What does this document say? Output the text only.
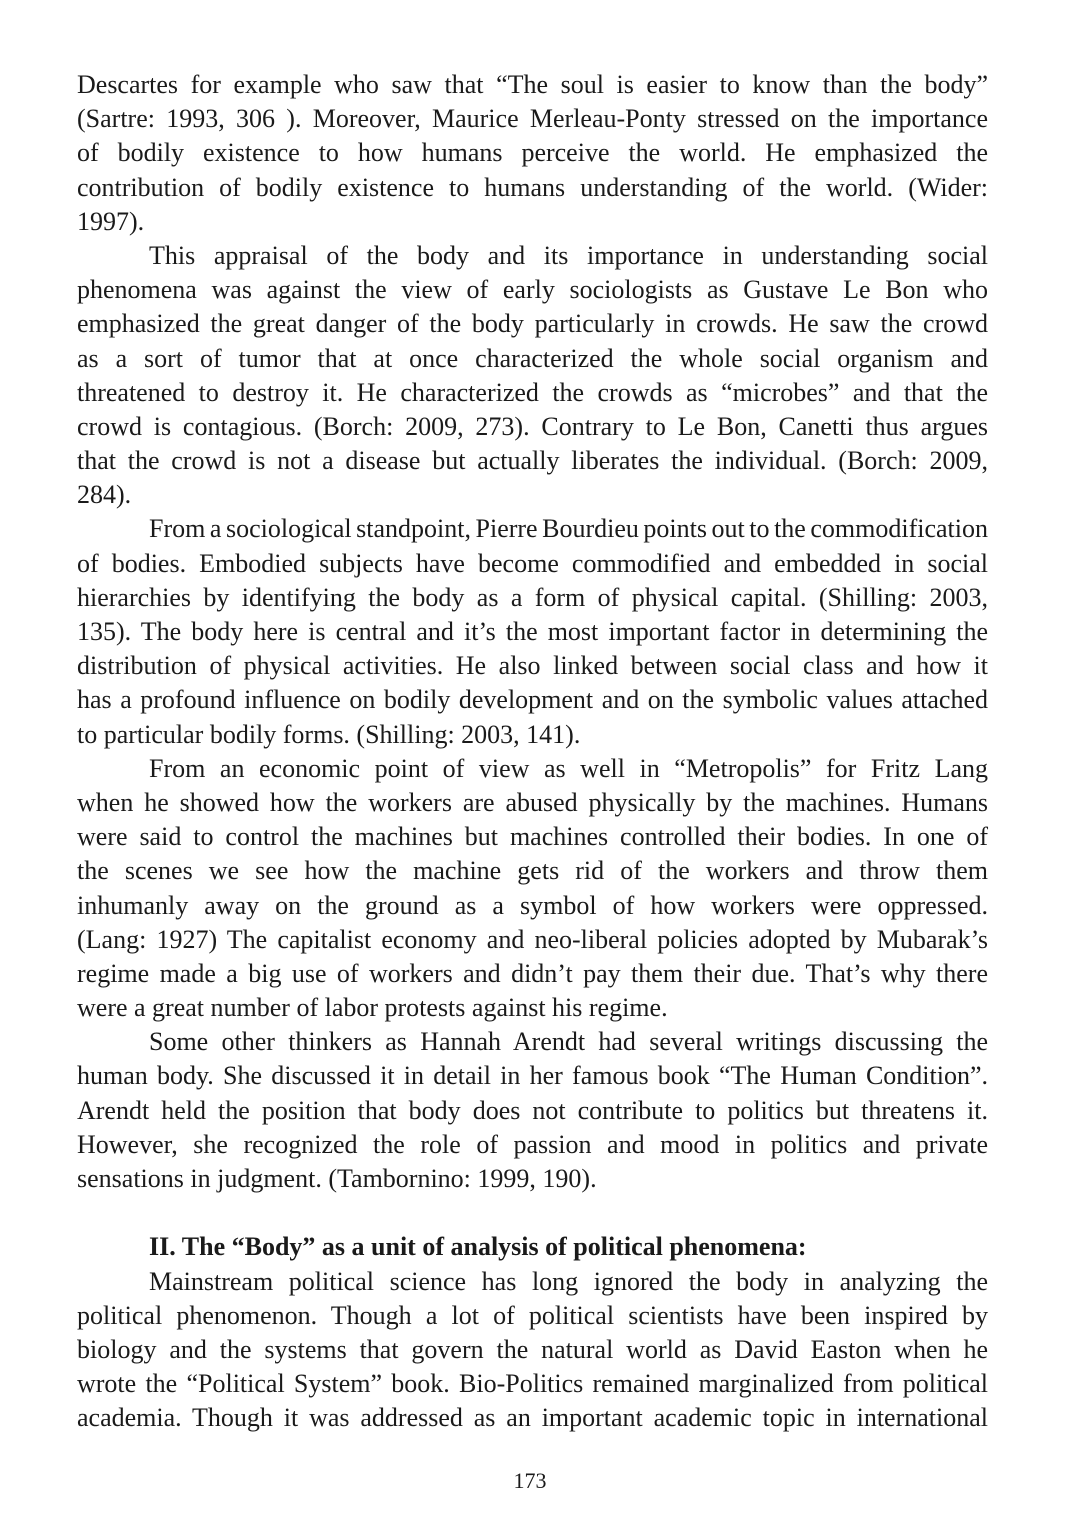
Descartes for example who saw that “The soul is easier to know than the body”
(Sartre: 1993, 306 ). Moreover, Maurice Merleau-Ponty stressed on the importance
of bodily existence to how humans perceive the world. He emphasized the
contribution of bodily existence to humans understanding of the world. (Wider:
1997).
This appraisal of the body and its importance in understanding social
phenomena was against the view of early sociologists as Gustave Le Bon who
emphasized the great danger of the body particularly in crowds. He saw the crowd
as a sort of tumor that at once characterized the whole social organism and
threatened to destroy it. He characterized the crowds as “microbes” and that the
crowd is contagious. (Borch: 2009, 273). Contrary to Le Bon, Canetti thus argues
that the crowd is not a disease but actually liberates the individual. (Borch: 2009,
284).
From a sociological standpoint, Pierre Bourdieu points out to the commodification
of bodies. Embodied subjects have become commodified and embedded in social
hierarchies by identifying the body as a form of physical capital. (Shilling: 2003,
135). The body here is central and it’s the most important factor in determining the
distribution of physical activities. He also linked between social class and how it
has a profound influence on bodily development and on the symbolic values attached
to particular bodily forms. (Shilling: 2003, 141).
From an economic point of view as well in “Metropolis” for Fritz Lang
when he showed how the workers are abused physically by the machines. Humans
were said to control the machines but machines controlled their bodies. In one of
the scenes we see how the machine gets rid of the workers and throw them
inhumanly away on the ground as a symbol of how workers were oppressed.
(Lang: 1927) The capitalist economy and neo-liberal policies adopted by Mubarak’s
regime made a big use of workers and didn’t pay them their due. That’s why there
were a great number of labor protests against his regime.
Some other thinkers as Hannah Arendt had several writings discussing the
human body. She discussed it in detail in her famous book “The Human Condition”.
Arendt held the position that body does not contribute to politics but threatens it.
However, she recognized the role of passion and mood in politics and private
sensations in judgment. (Tambornino: 1999, 190).
II. The “Body” as a unit of analysis of political phenomena:
Mainstream political science has long ignored the body in analyzing the
political phenomenon. Though a lot of political scientists have been inspired by
biology and the systems that govern the natural world as David Easton when he
wrote the “Political System” book. Bio-Politics remained marginalized from political
academia. Though it was addressed as an important academic topic in international
173
